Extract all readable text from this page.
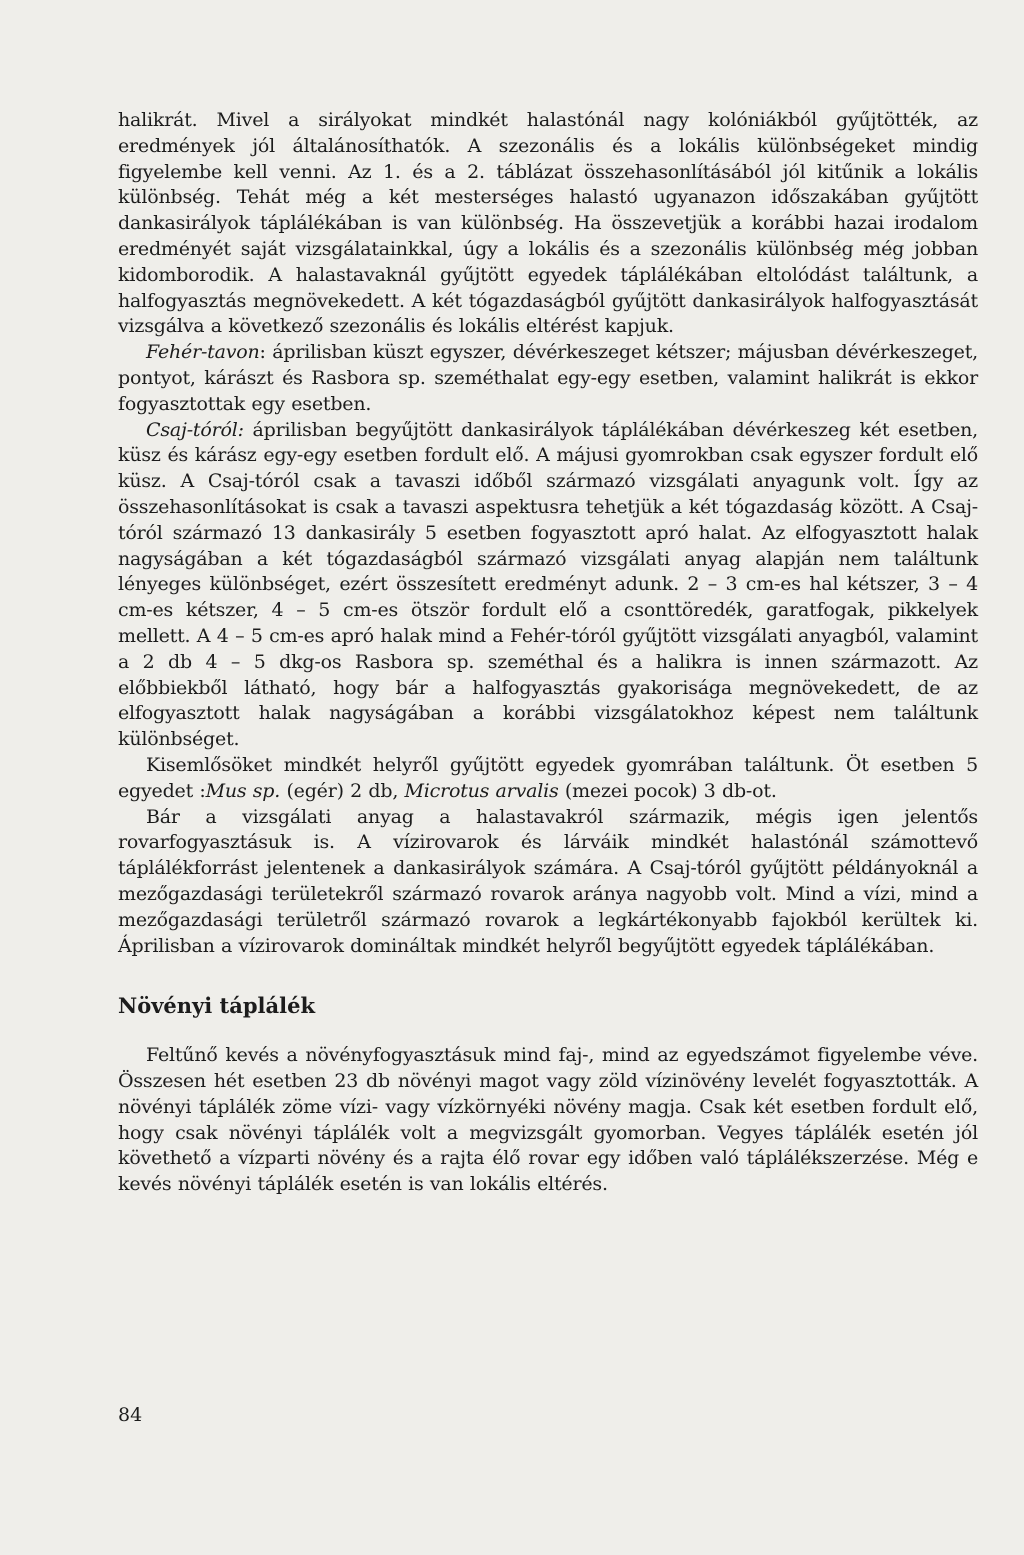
halikrát. Mivel a sirályokat mindkét halastónál nagy kolóniákból gyűjtötték, az eredmények jól általánosíthatók. A szezonális és a lokális különbségeket mindig figyelembe kell venni. Az 1. és a 2. táblázat összehasonlításából jól kitűnik a lokális különbség. Tehát még a két mesterséges halastó ugyanazon időszakában gyűjtött dankasirályok táplálékában is van különbség. Ha összevetjük a korábbi hazai irodalom eredményét saját vizsgálatainkkal, úgy a lokális és a szezonális különbség még jobban kidomborodik. A halastavaknál gyűjtött egyedek táplálékában eltolódást találtunk, a halfogyasztás megnövekedett. A két tógazdaságból gyűjtött dankasirályok halfogyasztását vizsgálva a következő szezonális és lokális eltérést kapjuk.

Fehér-tavon: áprilisban küszt egyszer, dévérkeszeget kétszer; májusban dévérkeszeget, pontyot, kárászt és Rasbora sp. szeméthalat egy-egy esetben, valamint halikrát is ekkor fogyasztottak egy esetben.

Csaj-tóról: áprilisban begyűjtött dankasirályok táplálékában dévérkeszeg két esetben, küsz és kárász egy-egy esetben fordult elő. A májusi gyomrokban csak egyszer fordult elő küsz. A Csaj-tóról csak a tavaszi időből származó vizsgálati anyagunk volt. Így az összehasonlításokat is csak a tavaszi aspektusra tehetjük a két tógazdaság között. A Csaj-tóról származó 13 dankasirály 5 esetben fogyasztott apró halat. Az elfogyasztott halak nagyságában a két tógazdaságból származó vizsgálati anyag alapján nem találtunk lényeges különbséget, ezért összesített eredményt adunk. 2 – 3 cm-es hal kétszer, 3 – 4 cm-es kétszer, 4 – 5 cm-es ötször fordult elő a csonttöredék, garatfogak, pikkelyek mellett. A 4 – 5 cm-es apró halak mind a Fehér-tóról gyűjtött vizsgálati anyagból, valamint a 2 db 4 – 5 dkg-os Rasbora sp. szeméthal és a halikra is innen származott. Az előbbiekből látható, hogy bár a halfogyasztás gyakorisága megnövekedett, de az elfogyasztott halak nagyságában a korábbi vizsgálatokhoz képest nem találtunk különbséget.

Kisemlősöket mindkét helyről gyűjtött egyedek gyomrában találtunk. Öt esetben 5 egyedet :Mus sp. (egér) 2 db, Microtus arvalis (mezei pocok) 3 db-ot.

Bár a vizsgálati anyag a halastavakról származik, mégis igen jelentős rovarfogyasztásuk is. A vízirovarok és lárváik mindkét halastónál számottevő táplálékforrást jelentenek a dankasirályok számára. A Csaj-tóról gyűjtött példányoknál a mezőgazdasági területekről származó rovarok aránya nagyobb volt. Mind a vízi, mind a mezőgazdasági területről származó rovarok a legkártékonyabb fajokból kerültek ki. Áprilisban a vízirovarok domináltak mindkét helyről begyűjtött egyedek táplálékában.

Növényi táplálék

Feltűnő kevés a növényfogyasztásuk mind faj-, mind az egyedszámot figyelembe véve. Összesen hét esetben 23 db növényi magot vagy zöld vízinövény levelét fogyasztották. A növényi táplálék zöme vízi- vagy vízkörnyéki növény magja. Csak két esetben fordult elő, hogy csak növényi táplálék volt a megvizsgált gyomorban. Vegyes táplálék esetén jól követhető a vízparti növény és a rajta élő rovar egy időben való táplálékszerzése. Még e kevés növényi táplálék esetén is van lokális eltérés.

84
